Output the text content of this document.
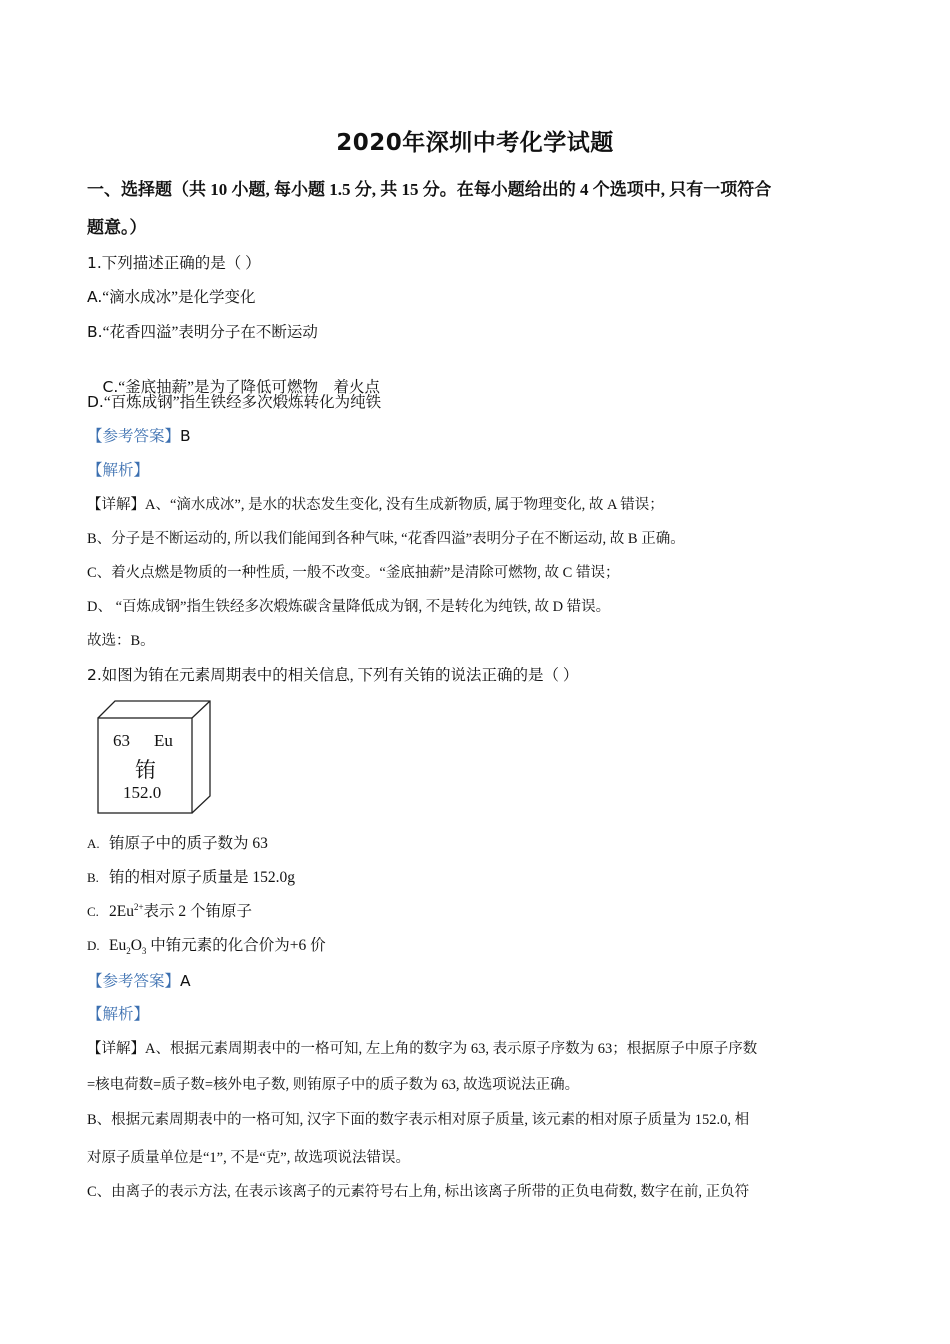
2020年深圳中考化学试题
一、选择题（共 10 小题, 每小题 1.5 分, 共 15 分。在每小题给出的 4 个选项中, 只有一项符合
题意。）
1.下列描述正确的是（ ）
A.“滴水成冰”是化学变化
B.“花香四溢”表明分子在不断运动

C.“釜底抽薪”是为了降低可燃物    着火点

D.“百炼成钢”指生铁经多次煅炼转化为纯铁
【参考答案】B
【解析】
【详解】A、“滴水成冰”, 是水的状态发生变化, 没有生成新物质, 属于物理变化, 故 A 错误；
B、分子是不断运动的, 所以我们能闻到各种气味, “花香四溢”表明分子在不断运动, 故 B 正确。
C、着火点燃是物质的一种性质, 一般不改变。“釜底抽薪”是清除可燃物, 故 C 错误；
D、 “百炼成钢”指生铁经多次煅炼碳含量降低成为钢, 不是转化为纯铁, 故 D 错误。
故选：B。
2.如图为铕在元素周期表中的相关信息, 下列有关铕的说法正确的是（ ）
63 Eu
铕
152.0
A. 铕原子中的质子数为 63
B. 铕的相对原子质量是 152.0g
C. $2Eu^{2+}$表示 2 个铕原子
D. $Eu_2O_3$ 中铕元素的化合价为+6 价
【参考答案】A
【解析】
【详解】A、根据元素周期表中的一格可知, 左上角的数字为 63, 表示原子序数为 63；根据原子中原子序数
=核电荷数=质子数=核外电子数, 则铕原子中的质子数为 63, 故选项说法正确。
B、根据元素周期表中的一格可知, 汉字下面的数字表示相对原子质量, 该元素的相对原子质量为 152.0, 相
对原子质量单位是“1”, 不是“克”, 故选项说法错误。
C、由离子的表示方法, 在表示该离子的元素符号右上角, 标出该离子所带的正负电荷数, 数字在前, 正负符
